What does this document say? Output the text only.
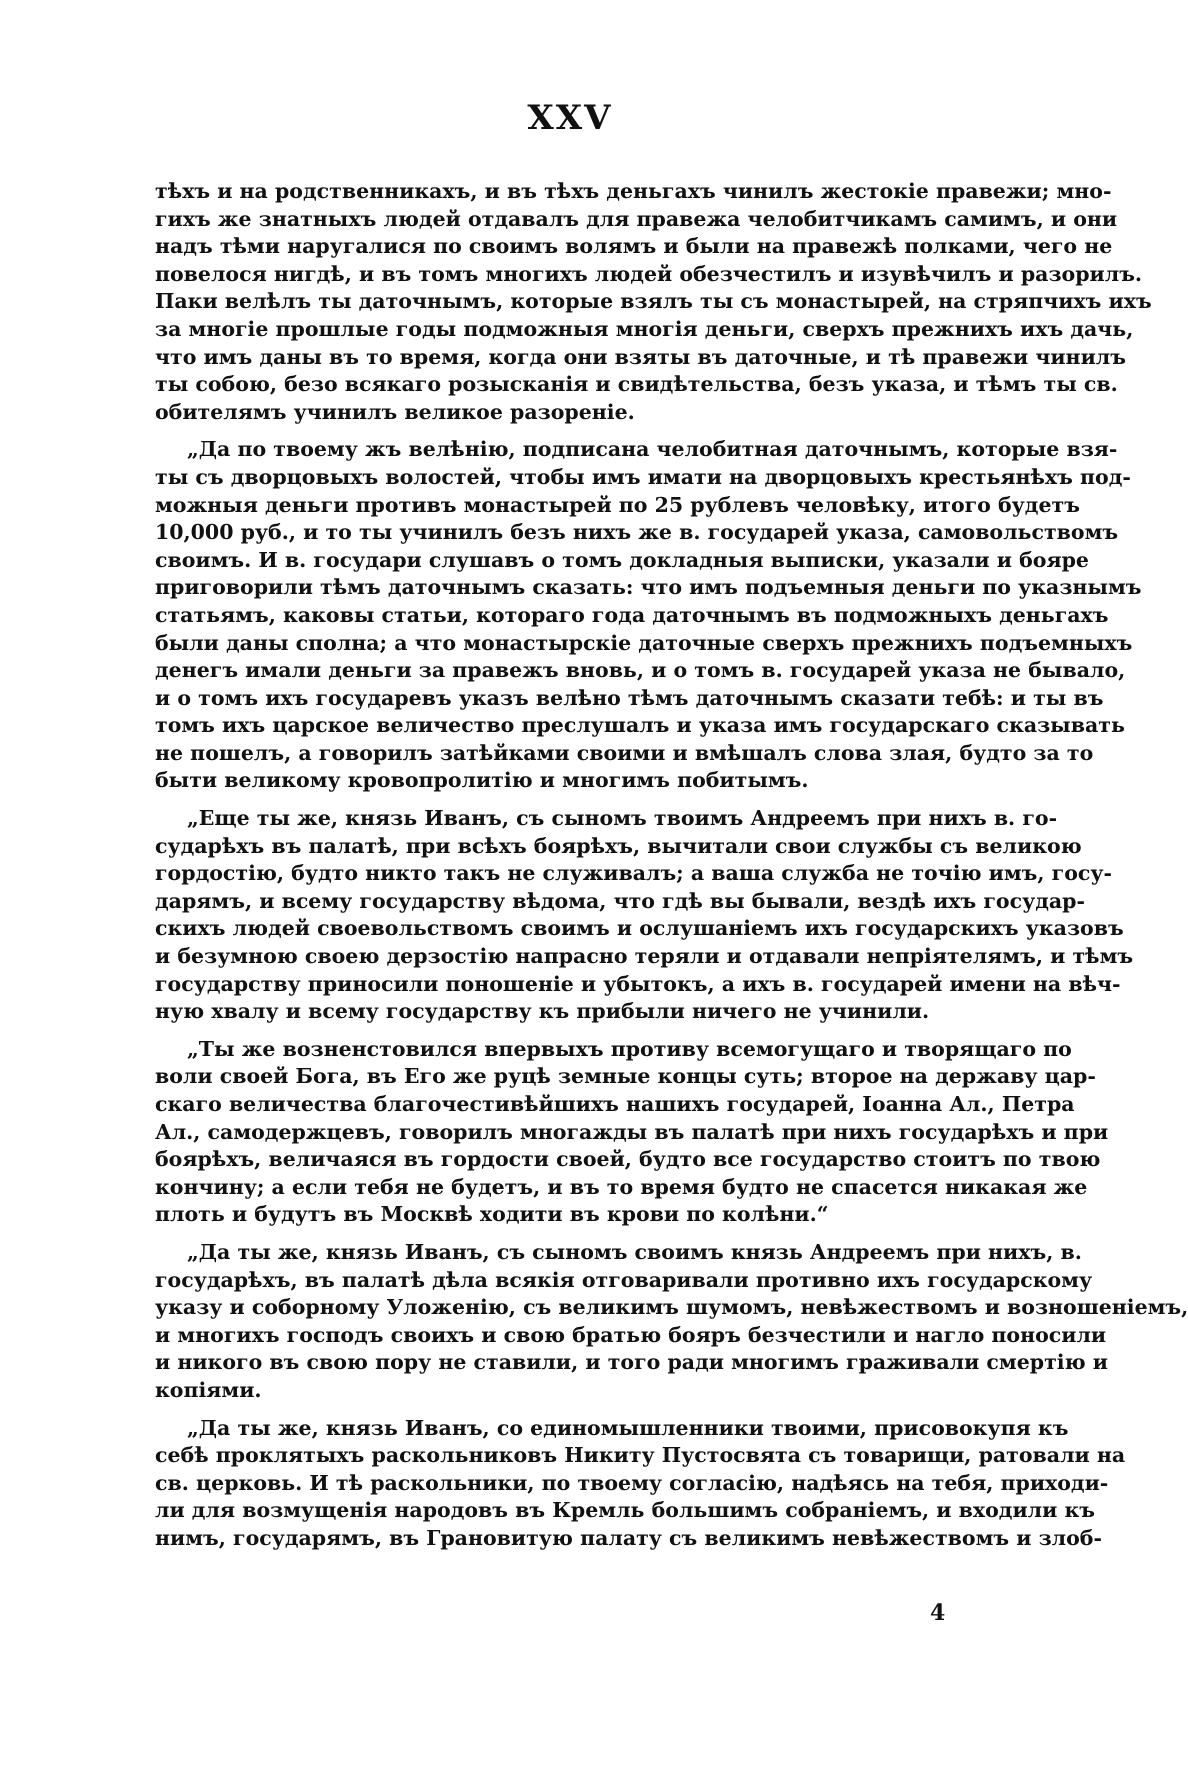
XXV
тѣхъ и на родственникахъ, и въ тѣхъ деньгахъ чинилъ жестокіе правежи; мно-
гихъ же знатныхъ людей отдавалъ для правежа челобитчикамъ самимъ, и они
надъ тѣми наругалися по своимъ волямъ и были на правежѣ полками, чего не
повелося нигдѣ, и въ томъ многихъ людей обезчестилъ и изувѣчилъ и разорилъ.
Паки велѣлъ ты даточнымъ, которые взялъ ты съ монастырей, на стряпчихъ ихъ
за многіе прошлые годы подможныя многія деньги, сверхъ прежнихъ ихъ дачь,
что имъ даны въ то время, когда они взяты въ даточные, и тѣ правежи чинилъ
ты собою, безо всякаго розысканія и свидѣтельства, безъ указа, и тѣмъ ты св.
обителямъ учинилъ великое разореніе.
„Да по твоему жъ велѣнію, подписана челобитная даточнымъ, которые взя-
ты съ дворцовыхъ волостей, чтобы имъ имати на дворцовыхъ крестьянѣхъ под-
можныя деньги противъ монастырей по 25 рублевъ человѣку, итого будетъ
10,000 руб., и то ты учинилъ безъ нихъ же в. государей указа, самовольствомъ
своимъ. И в. государи слушавъ о томъ докладныя выписки, указали и бояре
приговорили тѣмъ даточнымъ сказать: что имъ подъемныя деньги по указнымъ
статьямъ, каковы статьи, котораго года даточнымъ въ подможныхъ деньгахъ
были даны сполна; а что монастырскіе даточные сверхъ прежнихъ подъемныхъ
денегъ имали деньги за правежъ вновь, и о томъ в. государей указа не бывало,
и о томъ ихъ государевъ указъ велѣно тѣмъ даточнымъ сказати тебѣ: и ты въ
томъ ихъ царское величество преслушалъ и указа имъ государскаго сказывать
не пошелъ, а говорилъ затѣйками своими и вмѣшалъ слова злая, будто за то
быти великому кровопролитію и многимъ побитымъ.
„Еще ты же, князь Иванъ, съ сыномъ твоимъ Андреемъ при нихъ в. го-
сударѣхъ въ палатѣ, при всѣхъ боярѣхъ, вычитали свои службы съ великою
гордостію, будто никто такъ не служивалъ; а ваша служба не точію имъ, госу-
дарямъ, и всему государству вѣдома, что гдѣ вы бывали, вездѣ ихъ государ-
скихъ людей своевольствомъ своимъ и ослушаніемъ ихъ государскихъ указовъ
и безумною своею дерзостію напрасно теряли и отдавали непріятелямъ, и тѣмъ
государству приносили поношеніе и убытокъ, а ихъ в. государей имени на вѣч-
ную хвалу и всему государству къ прибыли ничего не учинили.
„Ты же возненстовился впервыхъ противу всемогущаго и творящаго по
воли своей Бога, въ Его же руцѣ земные концы суть; второе на державу цар-
скаго величества благочестивѣйшихъ нашихъ государей, Іоанна Ал., Петра
Ал., самодержцевъ, говорилъ многажды въ палатѣ при нихъ государѣхъ и при
боярѣхъ, величаяся въ гордости своей, будто все государство стоитъ по твою
кончину; а если тебя не будетъ, и въ то время будто не спасется никакая же
плоть и будутъ въ Москвѣ ходити въ крови по колѣни.“
„Да ты же, князь Иванъ, съ сыномъ своимъ князь Андреемъ при нихъ, в.
государѣхъ, въ палатѣ дѣла всякія отговаривали противно ихъ государскому
указу и соборному Уложенію, съ великимъ шумомъ, невѣжествомъ и возношеніемъ,
и многихъ господъ своихъ и свою братью бояръ безчестили и нагло поносили
и никого въ свою пору не ставили, и того ради многимъ граживали смертію и
копіями.
„Да ты же, князь Иванъ, со единомышленники твоими, присовокупя къ
себѣ проклятыхъ раскольниковъ Никиту Пустосвята съ товарищи, ратовали на
св. церковь. И тѣ раскольники, по твоему согласію, надѣясь на тебя, приходи-
ли для возмущенія народовъ въ Кремль большимъ собраніемъ, и входили къ
нимъ, государямъ, въ Грановитую палату съ великимъ невѣжествомъ и злоб-
4
